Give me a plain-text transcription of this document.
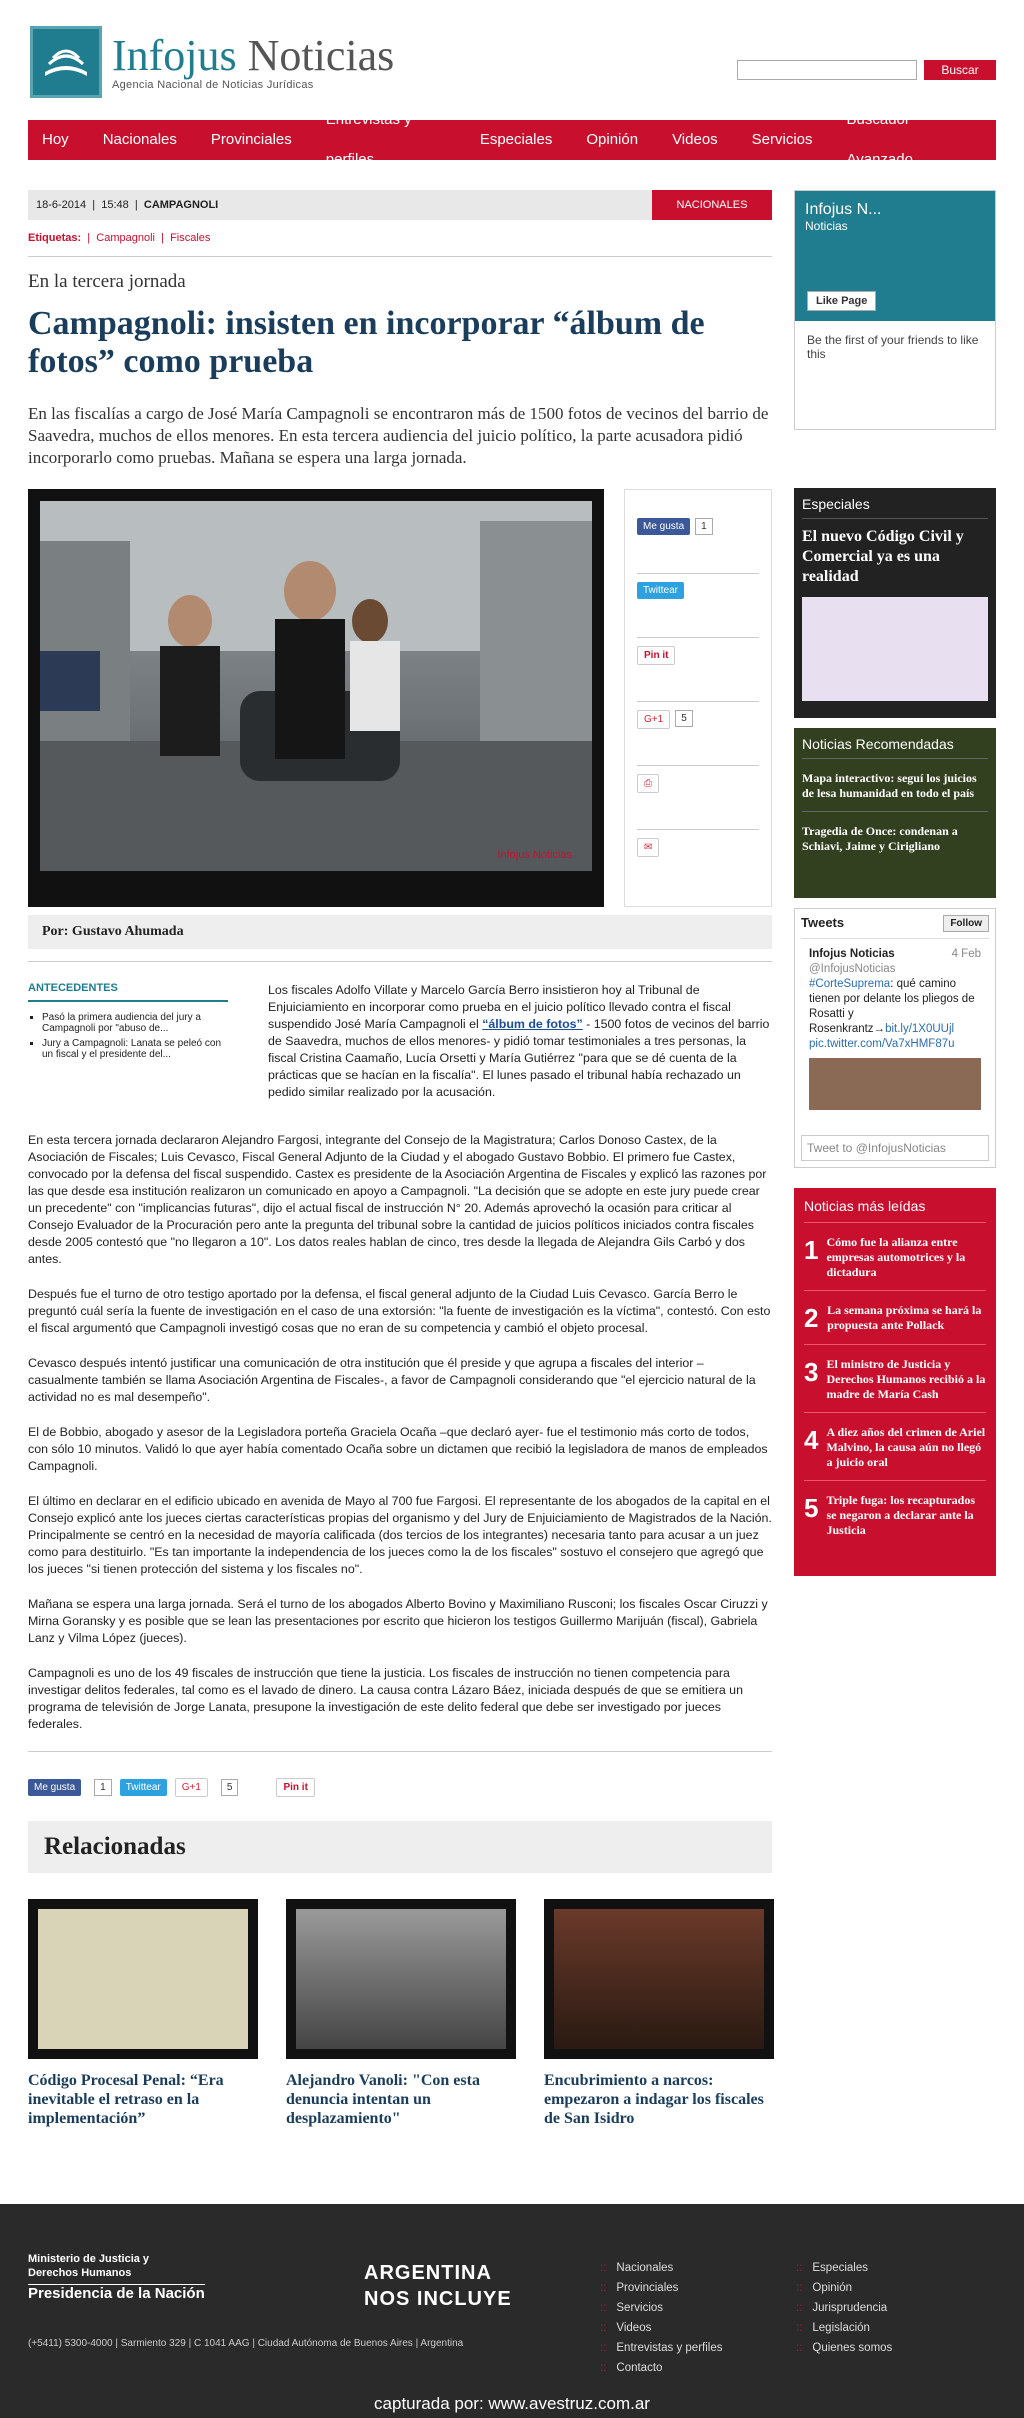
Infojus Noticias
Agencia Nacional de Noticias Jurídicas
Buscar
Hoy Nacionales Provinciales
Entrevistas y perfiles
Especiales Opinión Videos Servicios
Buscador Avanzado
18-6-2014  |  15:48  |  CAMPAGNOLI	NACIONALES
Etiquetas:  |  Campagnoli  |  Fiscales
En la tercera jornada
Campagnoli: insisten en incorporar “álbum de fotos” como prueba

En las fiscalías a cargo de José María Campagnoli se encontraron más de 1500 fotos de vecinos del barrio de Saavedra, muchos de ellos menores. En esta tercera audiencia del juicio político, la parte acusadora pidió incorporarlo como pruebas. Mañana se espera una larga jornada.

Infojus Noticias
Me gusta	1
Twittear
Pin it
G+1	5
⎙
✉
Por: Gustavo Ahumada
ANTECEDENTES
▪ Pasó la primera audiencia del jury a Campagnoli por "abuso de...
▪ Jury a Campagnoli: Lanata se peleó con un fiscal y el presidente del...

Los fiscales Adolfo Villate y Marcelo García Berro insistieron hoy al Tribunal de Enjuiciamiento en incorporar como prueba en el juicio político llevado contra el fiscal suspendido José María Campagnoli el “álbum de fotos” - 1500 fotos de vecinos del barrio de Saavedra, muchos de ellos menores- y pidió tomar testimoniales a tres personas, la fiscal Cristina Caamaño, Lucía Orsetti y María Gutiérrez "para que se dé cuenta de la prácticas que se hacían en la fiscalía". El lunes pasado el tribunal había rechazado un pedido similar realizado por la acusación.

En esta tercera jornada declararon Alejandro Fargosi, integrante del Consejo de la Magistratura; Carlos Donoso Castex, de la Asociación de Fiscales; Luis Cevasco, Fiscal General Adjunto de la Ciudad y el abogado Gustavo Bobbio. El primero fue Castex, convocado por la defensa del fiscal suspendido. Castex es presidente de la Asociación Argentina de Fiscales y explicó las razones por las que desde esa institución realizaron un comunicado en apoyo a Campagnoli. "La decisión que se adopte en este jury puede crear un precedente" con "implicancias futuras", dijo el actual fiscal de instrucción N° 20. Además aprovechó la ocasión para criticar al Consejo Evaluador de la Procuración pero ante la pregunta del tribunal sobre la cantidad de juicios políticos iniciados contra fiscales desde 2005 contestó que "no llegaron a 10". Los datos reales hablan de cinco, tres desde la llegada de Alejandra Gils Carbó y dos antes.

Después fue el turno de otro testigo aportado por la defensa, el fiscal general adjunto de la Ciudad Luis Cevasco. García Berro le preguntó cuál sería la fuente de investigación en el caso de una extorsión: "la fuente de investigación es la víctima", contestó. Con esto el fiscal argumentó que Campagnoli investigó cosas que no eran de su competencia y cambió el objeto procesal.

Cevasco después intentó justificar una comunicación de otra institución que él preside y que agrupa a fiscales del interior – casualmente también se llama Asociación Argentina de Fiscales-, a favor de Campagnoli considerando que "el ejercicio natural de la actividad no es mal desempeño".

El de Bobbio, abogado y asesor de la Legisladora porteña Graciela Ocaña –que declaró ayer- fue el testimonio más corto de todos, con sólo 10 minutos. Validó lo que ayer había comentado Ocaña sobre un dictamen que recibió la legisladora de manos de empleados Campagnoli.

El último en declarar en el edificio ubicado en avenida de Mayo al 700 fue Fargosi. El representante de los abogados de la capital en el Consejo explicó ante los jueces ciertas características propias del organismo y del Jury de Enjuiciamiento de Magistrados de la Nación. Principalmente se centró en la necesidad de mayoría calificada (dos tercios de los integrantes) necesaria tanto para acusar a un juez como para destituirlo. "Es tan importante la independencia de los jueces como la de los fiscales" sostuvo el consejero que agregó que los jueces "si tienen protección del sistema y los fiscales no".

Mañana se espera una larga jornada. Será el turno de los abogados Alberto Bovino y Maximiliano Rusconi; los fiscales Oscar Ciruzzi y Mirna Goransky y es posible que se lean las presentaciones por escrito que hicieron los testigos Guillermo Marijuán (fiscal), Gabriela Lanz y Vilma López (jueces).

Campagnoli es uno de los 49 fiscales de instrucción que tiene la justicia. Los fiscales de instrucción no tienen competencia para investigar delitos federales, tal como es el lavado de dinero. La causa contra Lázaro Báez, iniciada después de que se emitiera un programa de televisión de Jorge Lanata, presupone la investigación de este delito federal que debe ser investigado por jueces federales.

Me gusta	1	Twittear	G+1	5	Pin it
Relacionadas
Código Procesal Penal: “Era inevitable el retraso en la implementación”
Alejandro Vanoli: "Con esta denuncia intentan un desplazamiento"
Encubrimiento a narcos: empezaron a indagar los fiscales de San Isidro
Infojus N...
Noticias
Like Page
Be the first of your friends to like this
Especiales
El nuevo Código Civil y Comercial ya es una realidad
Noticias Recomendadas
Mapa interactivo: seguí los juicios de lesa humanidad en todo el país
Tragedia de Once: condenan a Schiavi, Jaime y Cirigliano
Tweets	Follow
Infojus Noticias	4 Feb
@InfojusNoticias
#CorteSuprema: qué camino tienen por delante los pliegos de Rosatti y Rosenkrantz→bit.ly/1X0UUjl pic.twitter.com/Va7xHMF87u
Tweet to @InfojusNoticias
Noticias más leídas
1 Cómo fue la alianza entre empresas automotrices y la dictadura
2 La semana próxima se hará la propuesta ante Pollack
3 El ministro de Justicia y Derechos Humanos recibió a la madre de María Cash
4 A diez años del crimen de Ariel Malvino, la causa aún no llegó a juicio oral
5 Triple fuga: los recapturados se negaron a declarar ante la Justicia
Ministerio de Justicia y Derechos Humanos
Presidencia de la Nación
ARGENTINA
NOS INCLUYE
(+5411) 5300-4000 | Sarmiento 329 | C 1041 AAG | Ciudad Autónoma de Buenos Aires | Argentina
:: Nacionales
:: Provinciales
:: Servicios
:: Videos
:: Entrevistas y perfiles
:: Contacto
:: Especiales
:: Opinión
:: Jurisprudencia
:: Legislación
:: Quienes somos
capturada por: www.avestruz.com.ar
